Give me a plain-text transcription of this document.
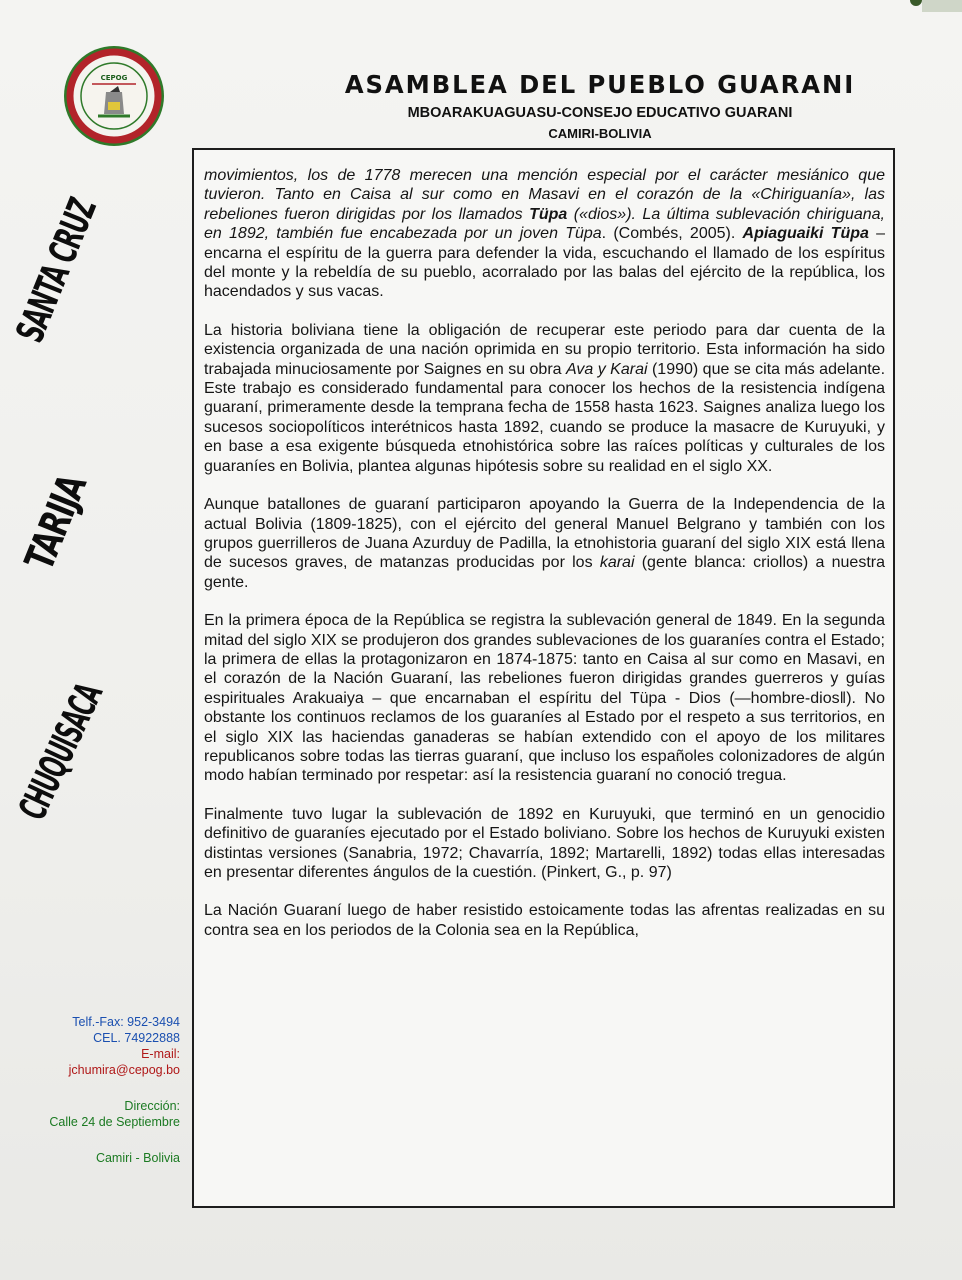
CEPOG	ASAMBLEA DEL PUEBLO GUARANI
MBOARAKUAGUASU-CONSEJO EDUCATIVO GUARANI
CAMIRI-BOLIVIA
SANTA CRUZ
TARIJA
CHUQUISACA
Telf.-Fax: 952-3494
CEL. 74922888
E-mail:
jchumira@cepog.bo
Dirección:
Calle 24 de Septiembre
Camiri - Bolivia

movimientos, los de 1778 merecen una mención especial por el carácter mesiánico que tuvieron. Tanto en Caisa al sur como en Masavi en el corazón de la «Chiriguanía», las rebeliones fueron dirigidas por los llamados Tüpa («dios»). La última sublevación chiriguana, en 1892, también fue encabezada por un joven Tüpa. (Combés, 2005). Apiaguaiki Tüpa – encarna el espíritu de la guerra para defender la vida, escuchando el llamado de los espíritus del monte y la rebeldía de su pueblo, acorralado por las balas del ejército de la república, los hacendados y sus vacas.

La historia boliviana tiene la obligación de recuperar este periodo para dar cuenta de la existencia organizada de una nación oprimida en su propio territorio. Esta información ha sido trabajada minuciosamente por Saignes en su obra Ava y Karai (1990) que se cita más adelante. Este trabajo es considerado fundamental para conocer los hechos de la resistencia indígena guaraní, primeramente desde la temprana fecha de 1558 hasta 1623. Saignes analiza luego los sucesos sociopolíticos interétnicos hasta 1892, cuando se produce la masacre de Kuruyuki, y en base a esa exigente búsqueda etnohistórica sobre las raíces políticas y culturales de los guaraníes en Bolivia, plantea algunas hipótesis sobre su realidad en el siglo XX.

Aunque batallones de guaraní participaron apoyando la Guerra de la Independencia de la actual Bolivia (1809-1825), con el ejército del general Manuel Belgrano y también con los grupos guerrilleros de Juana Azurduy de Padilla, la etnohistoria guaraní del siglo XIX está llena de sucesos graves, de matanzas producidas por los karai (gente blanca: criollos) a nuestra gente.

En la primera época de la República se registra la sublevación general de 1849. En la segunda mitad del siglo XIX se produjeron dos grandes sublevaciones de los guaraníes contra el Estado; la primera de ellas la protagonizaron en 1874-1875: tanto en Caisa al sur como en Masavi, en el corazón de la Nación Guaraní, las rebeliones fueron dirigidas grandes guerreros y guías espirituales Arakuaiya – que encarnaban el espíritu del Tüpa - Dios (—hombre-dios‖). No obstante los continuos reclamos de los guaraníes al Estado por el respeto a sus territorios, en el siglo XIX las haciendas ganaderas se habían extendido con el apoyo de los militares republicanos sobre todas las tierras guaraní, que incluso los españoles colonizadores de algún modo habían terminado por respetar: así la resistencia guaraní no conoció tregua.

Finalmente tuvo lugar la sublevación de 1892 en Kuruyuki, que terminó en un genocidio definitivo de guaraníes ejecutado por el Estado boliviano. Sobre los hechos de Kuruyuki existen distintas versiones (Sanabria, 1972; Chavarría, 1892; Martarelli, 1892) todas ellas interesadas en presentar diferentes ángulos de la cuestión. (Pinkert, G., p. 97)

La Nación Guaraní luego de haber resistido estoicamente todas las afrentas realizadas en su contra sea en los periodos de la Colonia sea en la República,
